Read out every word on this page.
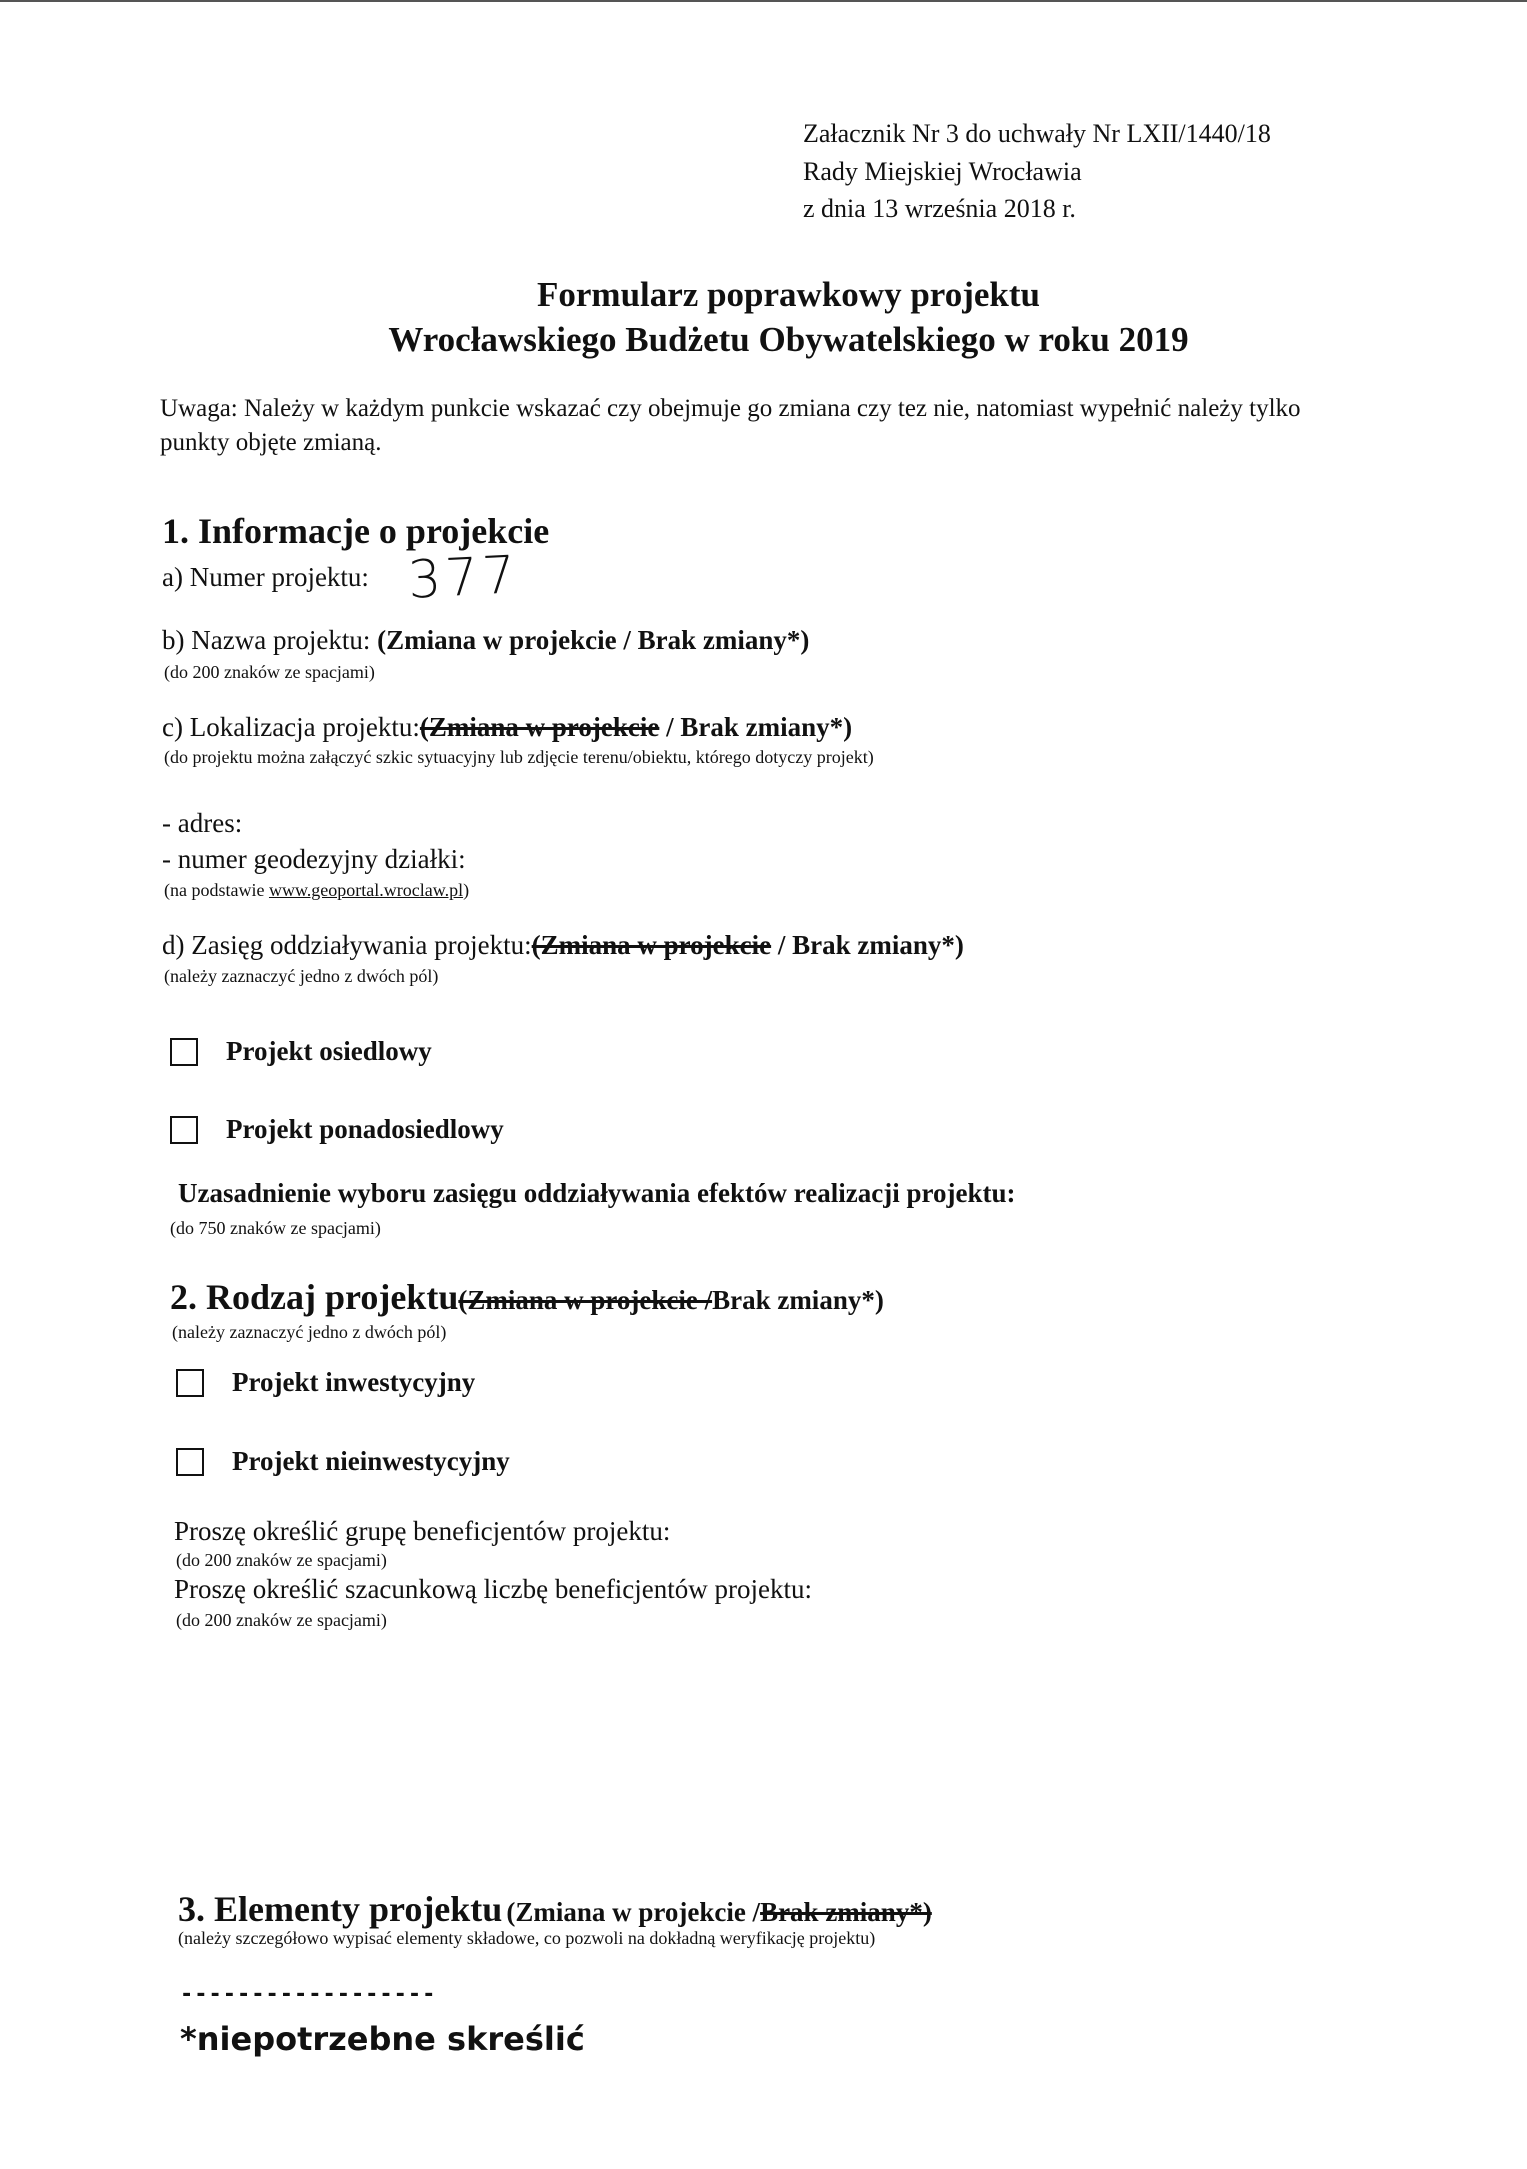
Załacznik Nr 3 do uchwały Nr LXII/1440/18
Rady Miejskiej Wrocławia
z dnia 13 września 2018 r.
Formularz poprawkowy projektu
Wrocławskiego Budżetu Obywatelskiego w roku 2019
Uwaga: Należy w każdym punkcie wskazać czy obejmuje go zmiana czy tez nie, natomiast wypełnić należy tylko punkty objęte zmianą.
1. Informacje o projekcie
a) Numer projektu: 377
b) Nazwa projektu: (Zmiana w projekcie / Brak zmiany*)
(do 200 znaków ze spacjami)
c) Lokalizacja projektu:(Zmiana w projekcie / Brak zmiany*)
(do projektu można załączyć szkic sytuacyjny lub zdjęcie terenu/obiektu, którego dotyczy projekt)
- adres:
- numer geodezyjny działki:
(na podstawie www.geoportal.wroclaw.pl)
d) Zasięg oddziaływania projektu:(Zmiana w projekcie / Brak zmiany*)
(należy zaznaczyć jedno z dwóch pól)
Projekt osiedlowy
Projekt ponadosiedlowy
Uzasadnienie wyboru zasięgu oddziaływania efektów realizacji projektu:
(do 750 znaków ze spacjami)
2. Rodzaj projektu(Zmiana w projekcie /Brak zmiany*)
(należy zaznaczyć jedno z dwóch pól)
Projekt inwestycyjny
Projekt nieinwestycyjny
Proszę określić grupę beneficjentów projektu:
(do 200 znaków ze spacjami)
Proszę określić szacunkową liczbę beneficjentów projektu:
(do 200 znaków ze spacjami)
3. Elementy projektu (Zmiana w projekcie /Brak zmiany*)
(należy szczegółowo wypisać elementy składowe, co pozwoli na dokładną weryfikację projektu)
------------------
*niepotrzebne skreślić
